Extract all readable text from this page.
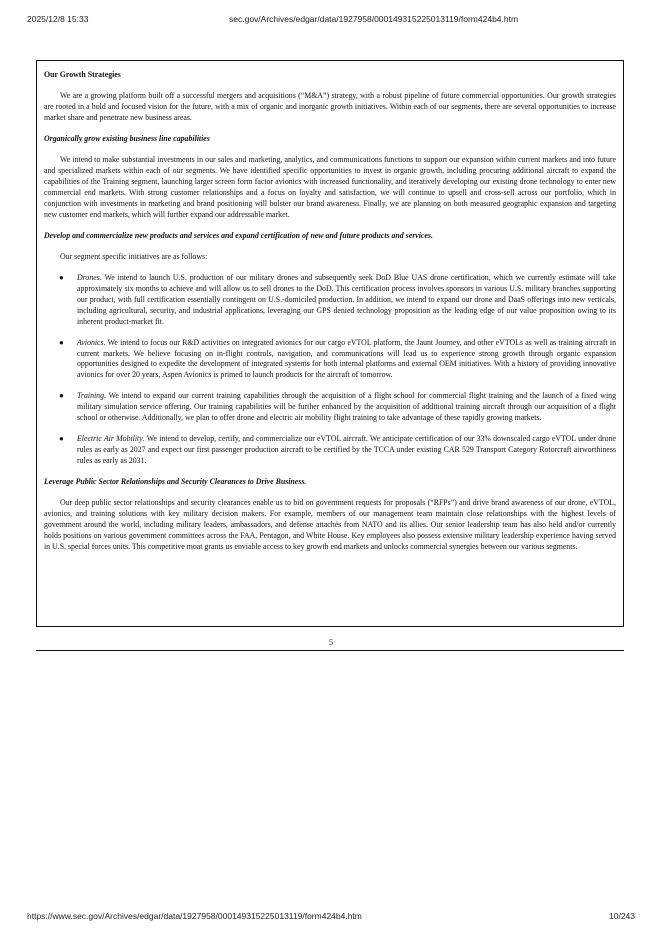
2025/12/8 15:33	sec.gov/Archives/edgar/data/1927958/000149315225013119/form424b4.htm

Our Growth Strategies

We are a growing platform built off a successful mergers and acquisitions (“M&A”) strategy, with a robust pipeline of future commercial opportunities. Our growth strategies are rooted in a bold and focused vision for the future, with a mix of organic and inorganic growth initiatives. Within each of our segments, there are several opportunities to increase market share and penetrate new business areas.

Organically grow existing business line capabilities

We intend to make substantial investments in our sales and marketing, analytics, and communications functions to support our expansion within current markets and into future and specialized markets within each of our segments. We have identified specific opportunities to invest in organic growth, including procuring additional aircraft to expand the capabilities of the Training segment, launching larger screen form factor avionics with increased functionality, and iteratively developing our existing drone technology to enter new commercial end markets. With strong customer relationships and a focus on loyalty and satisfaction, we will continue to upsell and cross-sell across our portfolio, which in conjunction with investments in marketing and brand positioning will bolster our brand awareness. Finally, we are planning on both measured geographic expansion and targeting new customer end markets, which will further expand our addressable market.

Develop and commercialize new products and services and expand certification of new and future products and services.

Our segment specific initiatives are as follows:

● Drones. We intend to launch U.S. production of our military drones and subsequently seek DoD Blue UAS drone certification, which we currently estimate will take approximately six months to achieve and will allow us to sell drones to the DoD. This certification process involves sponsors in various U.S. military branches supporting our product, with full certification essentially contingent on U.S.-domiciled production. In addition, we intend to expand our drone and DaaS offerings into new verticals, including agricultural, security, and industrial applications, leveraging our GPS denied technology proposition as the leading edge of our value proposition owing to its inherent product-market fit.
● Avionics. We intend to focus our R&D activities on integrated avionics for our cargo eVTOL platform, the Jaunt Journey, and other eVTOLs as well as training aircraft in current markets. We believe focusing on in-flight controls, navigation, and communications will lead us to experience strong growth through organic expansion opportunities designed to expedite the development of integrated systems for both internal platforms and external OEM initiatives. With a history of providing innovative avionics for over 20 years, Aspen Avionics is primed to launch products for the aircraft of tomorrow.
● Training. We intend to expand our current training capabilities through the acquisition of a flight school for commercial flight training and the launch of a fixed wing military simulation service offering. Our training capabilities will be further enhanced by the acquisition of additional training aircraft through our acquisition of a flight school or otherwise. Additionally, we plan to offer drone and electric air mobility flight training to take advantage of these rapidly growing markets.
● Electric Air Mobility. We intend to develop, certify, and commercialize our eVTOL aircraft. We anticipate certification of our 33% downscaled cargo eVTOL under drone rules as early as 2027 and expect our first passenger production aircraft to be certified by the TCCA under existing CAR 529 Transport Category Rotorcraft airworthiness rules as early as 2031.

Leverage Public Sector Relationships and Security Clearances to Drive Business.

Our deep public sector relationships and security clearances enable us to bid on government requests for proposals (“RFPs”) and drive brand awareness of our drone, eVTOL, avionics, and training solutions with key military decision makers. For example, members of our management team maintain close relationships with the highest levels of government around the world, including military leaders, ambassadors, and defense attachés from NATO and its allies. Our senior leadership team has also held and/or currently holds positions on various government committees across the FAA, Pentagon, and White House. Key employees also possess extensive military leadership experience having served in U.S. special forces units. This competitive moat grants us enviable access to key growth end markets and unlocks commercial synergies between our various segments.

5
https://www.sec.gov/Archives/edgar/data/1927958/000149315225013119/form424b4.htm	10/243
